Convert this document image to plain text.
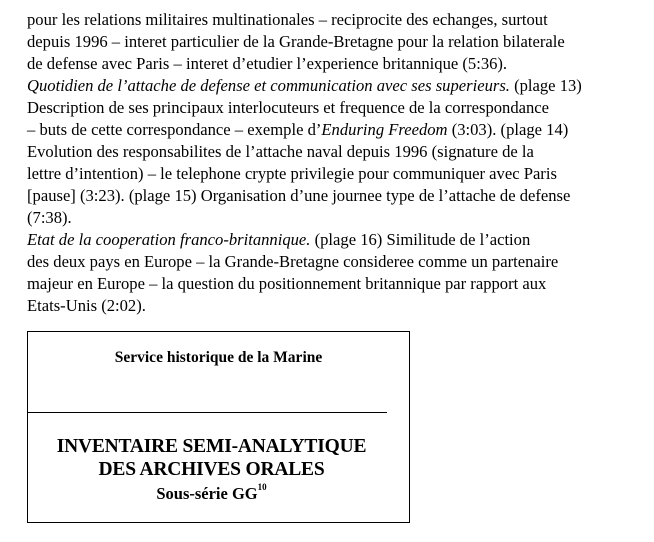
pour les relations militaires multinationales – reciprocite des echanges, surtout
depuis 1996 – interet particulier de la Grande-Bretagne pour la relation bilaterale
de defense avec Paris – interet d’etudier l’experience britannique (5:36).
Quotidien de l’attache de defense et communication avec ses superieurs. (plage 13)
Description de ses principaux interlocuteurs et frequence de la correspondance
– buts de cette correspondance – exemple d’Enduring Freedom (3:03). (plage 14)
Evolution des responsabilites de l’attache naval depuis 1996 (signature de la
lettre d’intention) – le telephone crypte privilegie pour communiquer avec Paris
[pause] (3:23). (plage 15) Organisation d’une journee type de l’attache de defense
(7:38).
Etat de la cooperation franco-britannique. (plage 16) Similitude de l’action
des deux pays en Europe – la Grande-Bretagne consideree comme un partenaire
majeur en Europe – la question du positionnement britannique par rapport aux
Etats-Unis (2:02).
Service historique de la Marine
INVENTAIRE SEMI-ANALYTIQUE
DES ARCHIVES ORALES
Sous-série GG$^{10}$
